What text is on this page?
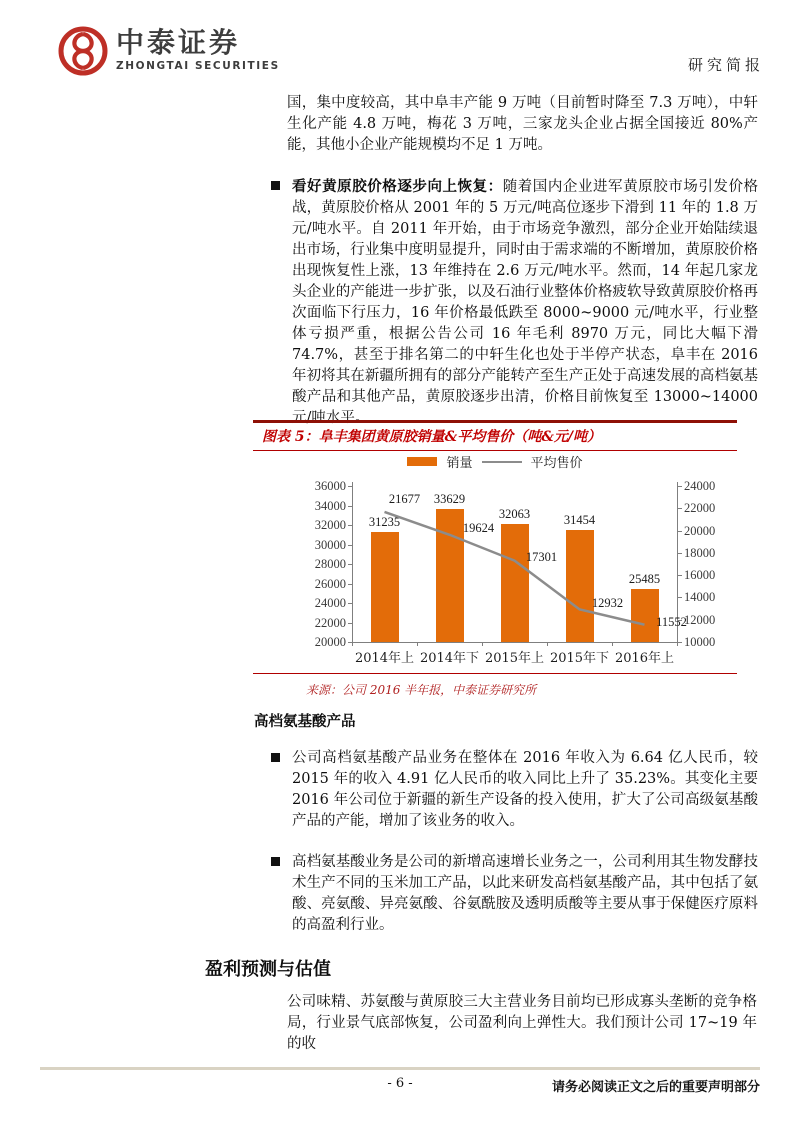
中泰证券
ZHONGTAI SECURITIES	研究简报
国，集中度较高，其中阜丰产能 9 万吨（目前暂时降至 7.3 万吨），中轩生化产能 4.8 万吨，梅花 3 万吨，三家龙头企业占据全国接近 80%产能，其他小企业产能规模均不足 1 万吨。
看好黄原胶价格逐步向上恢复：随着国内企业进军黄原胶市场引发价格战，黄原胶价格从 2001 年的 5 万元/吨高位逐步下滑到 11 年的 1.8 万元/吨水平。自 2011 年开始，由于市场竞争激烈，部分企业开始陆续退出市场，行业集中度明显提升，同时由于需求端的不断增加，黄原胶价格出现恢复性上涨，13 年维持在 2.6 万元/吨水平。然而，14 年起几家龙头企业的产能进一步扩张，以及石油行业整体价格疲软导致黄原胶价格再次面临下行压力，16 年价格最低跌至 8000~9000 元/吨水平，行业整体亏损严重，根据公告公司 16 年毛利 8970 万元，同比大幅下滑 74.7%，甚至于排名第二的中轩生化也处于半停产状态，阜丰在 2016 年初将其在新疆所拥有的部分产能转产至生产正处于高速发展的高档氨基酸产品和其他产品，黄原胶逐步出清，价格目前恢复至 13000~14000 元/吨水平。
图表 5：阜丰集团黄原胶销量&平均售价（吨&元/吨）
销量	平均售价
20000
22000
24000
26000
28000
30000
32000
34000
36000
10000
12000
14000
16000
18000
20000
22000
24000
31235
2014年上
33629
2014年下
32063
2015年上
31454
2015年下
25485
2016年上
21677
19624
17301
12932
11552
来源：公司 2016 半年报，中泰证券研究所
高档氨基酸产品
公司高档氨基酸产品业务在整体在 2016 年收入为 6.64 亿人民币，较 2015 年的收入 4.91 亿人民币的收入同比上升了 35.23%。其变化主要 2016 年公司位于新疆的新生产设备的投入使用，扩大了公司高级氨基酸产品的产能，增加了该业务的收入。
高档氨基酸业务是公司的新增高速增长业务之一，公司利用其生物发酵技术生产不同的玉米加工产品，以此来研发高档氨基酸产品，其中包括了氨酸、亮氨酸、异亮氨酸、谷氨酰胺及透明质酸等主要从事于保健医疗原料的高盈利行业。
盈利预测与估值
公司味精、苏氨酸与黄原胶三大主营业务目前均已形成寡头垄断的竞争格局，行业景气底部恢复，公司盈利向上弹性大。我们预计公司 17~19 年的收
- 6 -	请务必阅读正文之后的重要声明部分
